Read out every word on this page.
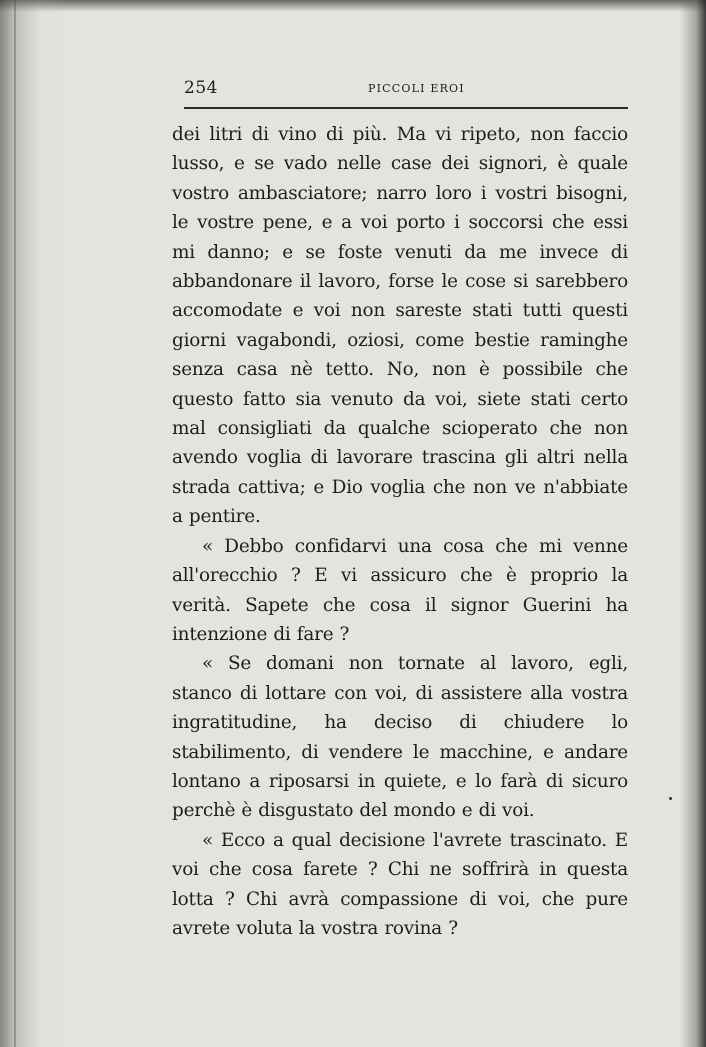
254	PICCOLI EROI

dei litri di vino di più. Ma vi ripeto, non faccio lusso, e se vado nelle case dei signori, è quale vostro ambasciatore; narro loro i vostri bisogni, le vostre pene, e a voi porto i soccorsi che essi mi danno; e se foste venuti da me invece di abbandonare il lavoro, forse le cose si sarebbero accomodate e voi non sareste stati tutti questi giorni vagabondi, oziosi, come bestie raminghe senza casa nè tetto. No, non è possibile che questo fatto sia venuto da voi, siete stati certo mal consigliati da qualche scioperato che non avendo voglia di lavorare trascina gli altri nella strada cattiva; e Dio voglia che non ve n'abbiate a pentire.

« Debbo confidarvi una cosa che mi venne all'orecchio ? E vi assicuro che è proprio la verità. Sapete che cosa il signor Guerini ha intenzione di fare ?

« Se domani non tornate al lavoro, egli, stanco di lottare con voi, di assistere alla vostra ingratitudine, ha deciso di chiudere lo stabilimento, di vendere le macchine, e andare lontano a riposarsi in quiete, e lo farà di sicuro perchè è disgustato del mondo e di voi.

« Ecco a qual decisione l'avrete trascinato. E voi che cosa farete ? Chi ne soffrirà in questa lotta ? Chi avrà compassione di voi, che pure avrete voluta la vostra rovina ?
